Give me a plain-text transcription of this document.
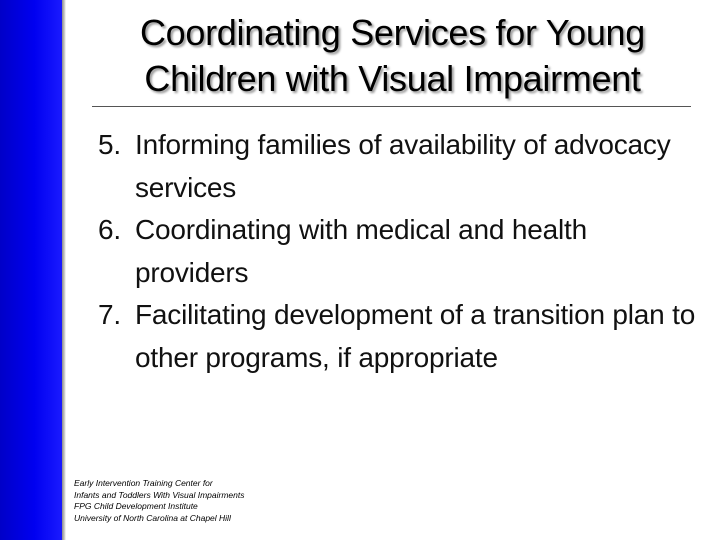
Coordinating Services for Young Children with Visual Impairment
5. Informing families of availability of advocacy services
6. Coordinating with medical and health providers
7. Facilitating development of a transition plan to other programs, if appropriate
Early Intervention Training Center for
Infants and Toddlers With Visual Impairments
FPG Child Development Institute
University of North Carolina at Chapel Hill
